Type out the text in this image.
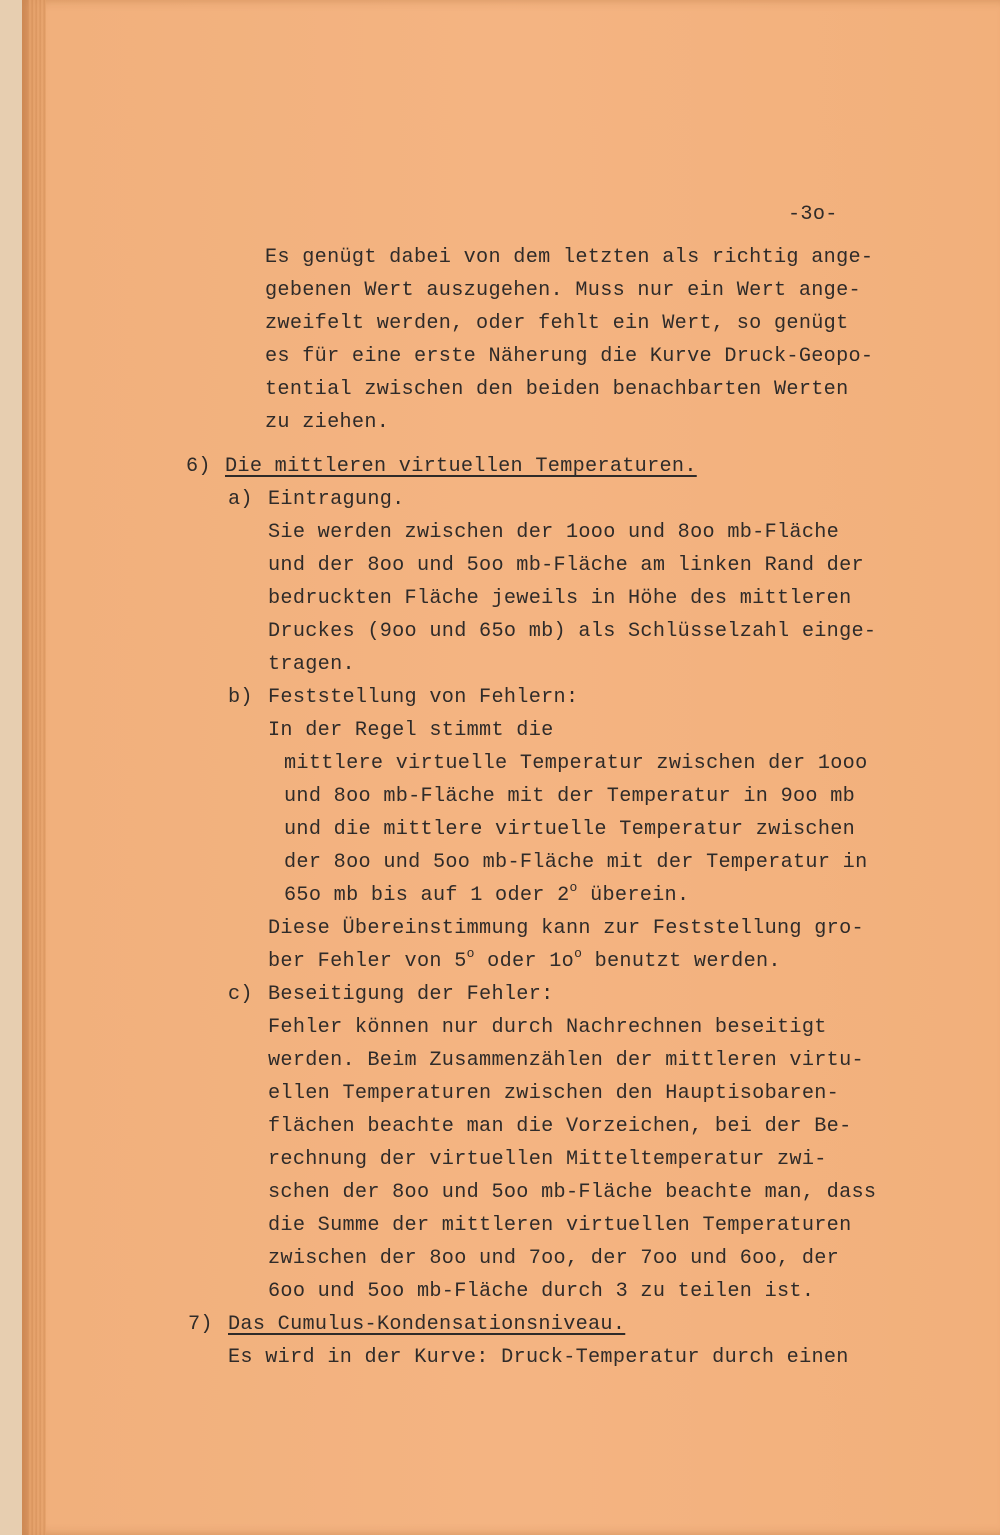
-3o-

Es genügt dabei von dem letzten als richtig ange-

gebenen Wert auszugehen. Muss nur ein Wert ange-

zweifelt werden, oder fehlt ein Wert, so genügt

es für eine erste Näherung die Kurve Druck-Geopo-

tential zwischen den beiden benachbarten Werten

zu ziehen.

6) Die mittleren virtuellen Temperaturen.

a) Eintragung.

Sie werden zwischen der 1ooo und 8oo mb-Fläche

und der 8oo und 5oo mb-Fläche am linken Rand der

bedruckten Fläche jeweils in Höhe des mittleren

Druckes (9oo und 65o mb) als Schlüsselzahl einge-

tragen.

b) Feststellung von Fehlern:

In der Regel stimmt die

mittlere virtuelle Temperatur zwischen der 1ooo

und 8oo mb-Fläche mit der Temperatur in 9oo mb

und die mittlere virtuelle Temperatur zwischen

der 8oo und 5oo mb-Fläche mit der Temperatur in

65o mb bis auf 1 oder 2$^o$ überein.

Diese Übereinstimmung kann zur Feststellung gro-

ber Fehler von 5$^o$ oder $1o^o$ benutzt werden.

c) Beseitigung der Fehler:

Fehler können nur durch Nachrechnen beseitigt

werden. Beim Zusammenzählen der mittleren virtu-

ellen Temperaturen zwischen den Hauptisobaren-

flächen beachte man die Vorzeichen, bei der Be-

rechnung der virtuellen Mitteltemperatur zwi-

schen der 8oo und 5oo mb-Fläche beachte man, dass

die Summe der mittleren virtuellen Temperaturen

zwischen der 8oo und 7oo, der 7oo und 6oo, der

6oo und 5oo mb-Fläche durch 3 zu teilen ist.

7) Das Cumulus-Kondensationsniveau.

Es wird in der Kurve: Druck-Temperatur durch einen
